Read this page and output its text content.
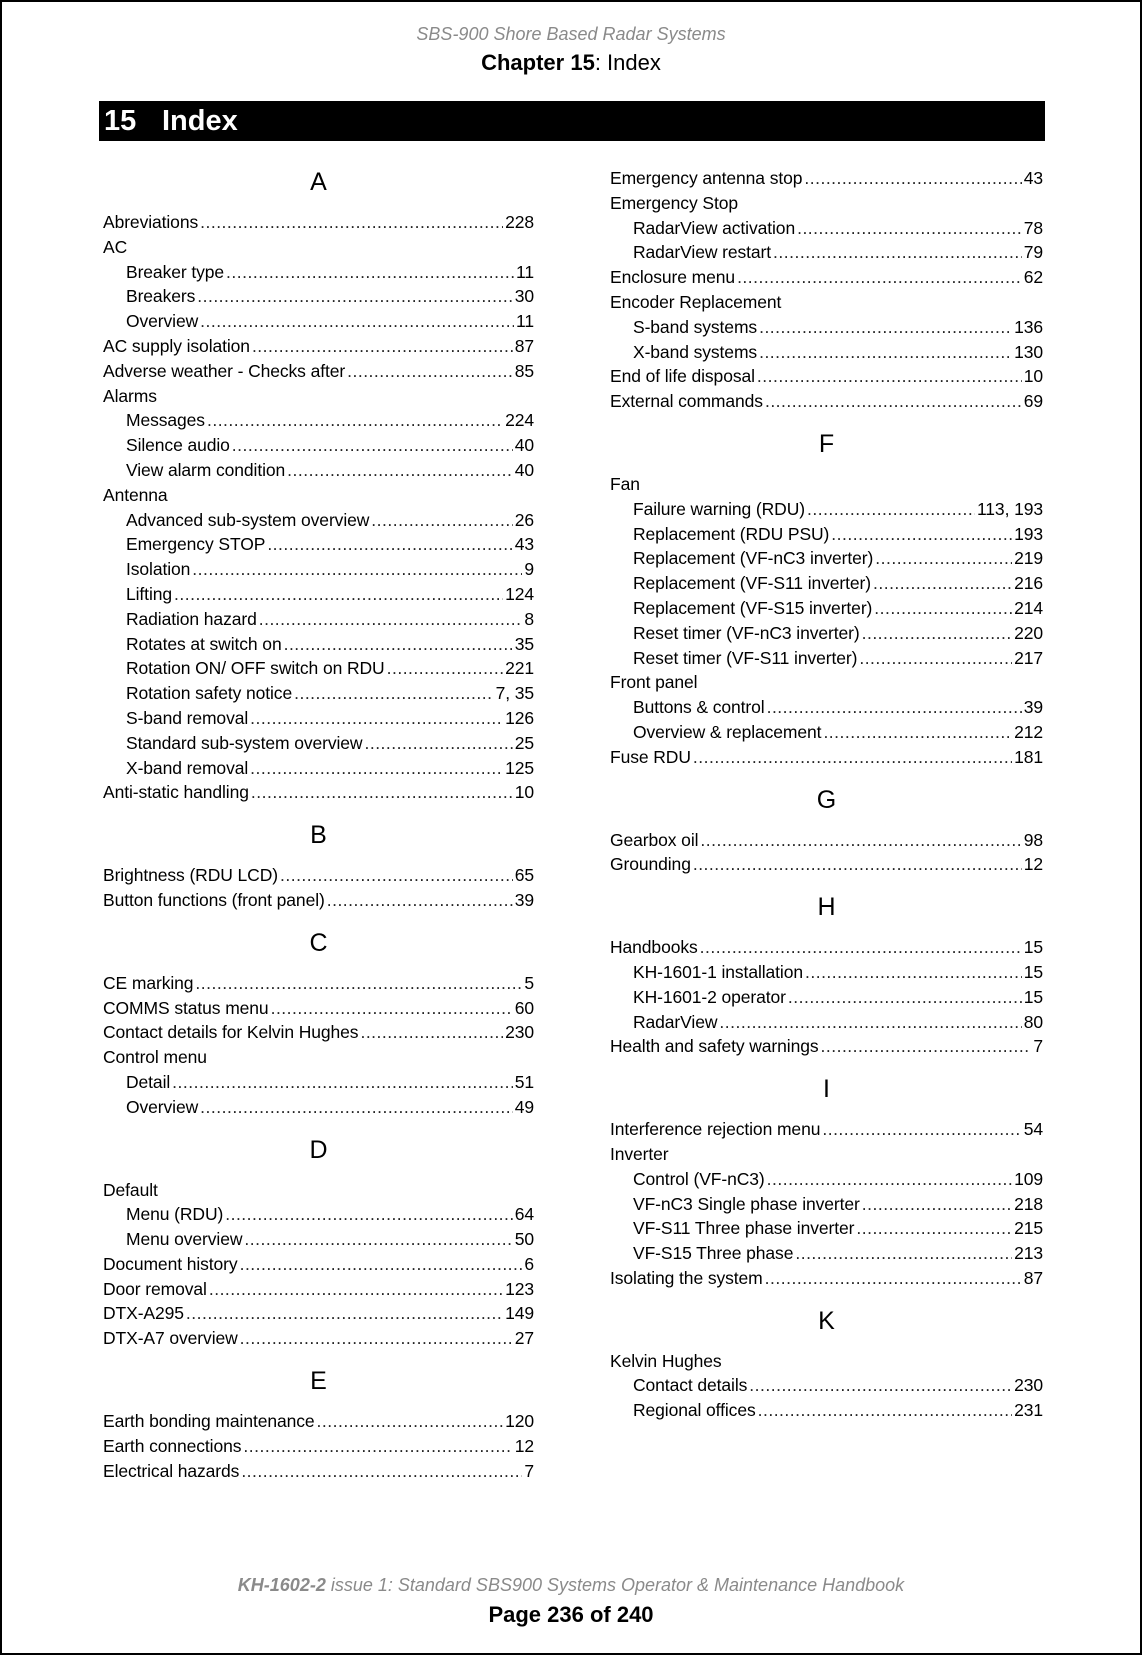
SBS-900 Shore Based Radar Systems
Chapter 15: Index
15 Index
A
Abreviations .....	228
AC
Breaker type .....	11
Breakers .....	30
Overview .....	11
AC supply isolation .....	87
Adverse weather - Checks after .....	85
Alarms
Messages .....	224
Silence audio .....	40
View alarm condition .....	40
Antenna
Advanced sub-system overview .....	26
Emergency STOP .....	43
Isolation .....	9
Lifting .....	124
Radiation hazard .....	8
Rotates at switch on .....	35
Rotation ON/ OFF switch on RDU .....	221
Rotation safety notice .....	7, 35
S-band removal .....	126
Standard sub-system overview .....	25
X-band removal .....	125
Anti-static handling .....	10
B
Brightness (RDU LCD) .....	65
Button functions (front panel) .....	39
C
CE marking .....	5
COMMS status menu .....	60
Contact details for Kelvin Hughes .....	230
Control menu
Detail .....	51
Overview .....	49
D
Default
Menu (RDU) .....	64
Menu overview .....	50
Document history .....	6
Door removal .....	123
DTX-A295 .....	149
DTX-A7 overview .....	27
E
Earth bonding maintenance .....	120
Earth connections .....	12
Electrical hazards .....	7
Emergency antenna stop .....	43
Emergency Stop
RadarView activation .....	78
RadarView restart .....	79
Enclosure menu .....	62
Encoder Replacement
S-band systems .....	136
X-band systems .....	130
End of life disposal .....	10
External commands .....	69
F
Fan
Failure warning (RDU) .....	113, 193
Replacement (RDU PSU) .....	193
Replacement (VF-nC3 inverter) .....	219
Replacement (VF-S11 inverter) .....	216
Replacement (VF-S15 inverter) .....	214
Reset timer (VF-nC3 inverter) .....	220
Reset timer (VF-S11 inverter) .....	217
Front panel
Buttons & control .....	39
Overview & replacement .....	212
Fuse RDU .....	181
G
Gearbox oil .....	98
Grounding .....	12
H
Handbooks .....	15
KH-1601-1 installation .....	15
KH-1601-2 operator .....	15
RadarView .....	80
Health and safety warnings .....	7
I
Interference rejection menu .....	54
Inverter
Control (VF-nC3) .....	109
VF-nC3 Single phase inverter .....	218
VF-S11 Three phase inverter .....	215
VF-S15 Three phase .....	213
Isolating the system .....	87
K
Kelvin Hughes
Contact details .....	230
Regional offices .....	231
KH-1602-2 issue 1: Standard SBS900 Systems Operator & Maintenance Handbook
Page 236 of 240
